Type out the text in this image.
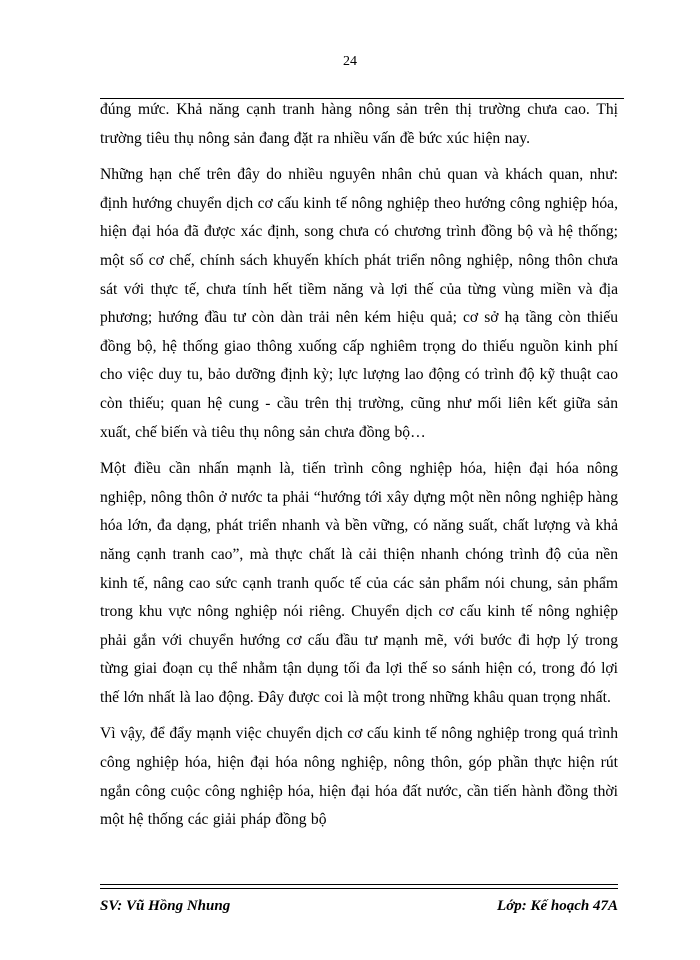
24

đúng mức. Khả năng cạnh tranh hàng nông sản trên thị trường chưa cao. Thị trường tiêu thụ nông sản đang đặt ra nhiều vấn đề bức xúc hiện nay.

Những hạn chế trên đây do nhiều nguyên nhân chủ quan và khách quan, như: định hướng chuyển dịch cơ cấu kinh tế nông nghiệp theo hướng công nghiệp hóa, hiện đại hóa đã được xác định, song chưa có chương trình đồng bộ và hệ thống; một số cơ chế, chính sách khuyến khích phát triển nông nghiệp, nông thôn chưa sát với thực tế, chưa tính hết tiềm năng và lợi thế của từng vùng miền và địa phương; hướng đầu tư còn dàn trải nên kém hiệu quả; cơ sở hạ tầng còn thiếu đồng bộ, hệ thống giao thông xuống cấp nghiêm trọng do thiếu nguồn kinh phí cho việc duy tu, bảo dưỡng định kỳ; lực lượng lao động có trình độ kỹ thuật cao còn thiếu; quan hệ cung - cầu trên thị trường, cũng như mối liên kết giữa sản xuất, chế biến và tiêu thụ nông sản chưa đồng bộ…

Một điều cần nhấn mạnh là, tiến trình công nghiệp hóa, hiện đại hóa nông nghiệp, nông thôn ở nước ta phải “hướng tới xây dựng một nền nông nghiệp hàng hóa lớn, đa dạng, phát triển nhanh và bền vững, có năng suất, chất lượng và khả năng cạnh tranh cao”, mà thực chất là cải thiện nhanh chóng trình độ của nền kinh tế, nâng cao sức cạnh tranh quốc tế của các sản phẩm nói chung, sản phẩm trong khu vực nông nghiệp nói riêng. Chuyển dịch cơ cấu kinh tế nông nghiệp phải gắn với chuyển hướng cơ cấu đầu tư mạnh mẽ, với bước đi hợp lý trong từng giai đoạn cụ thể nhằm tận dụng tối đa lợi thế so sánh hiện có, trong đó lợi thế lớn nhất là lao động. Đây được coi là một trong những khâu quan trọng nhất.

Vì vậy, để đẩy mạnh việc chuyển dịch cơ cấu kinh tế nông nghiệp trong quá trình công nghiệp hóa, hiện đại hóa nông nghiệp, nông thôn, góp phần thực hiện rút ngắn công cuộc công nghiệp hóa, hiện đại hóa đất nước, cần tiến hành đồng thời một hệ thống các giải pháp đồng bộ

SV: Vũ Hồng Nhung	Lớp: Kế hoạch 47A
